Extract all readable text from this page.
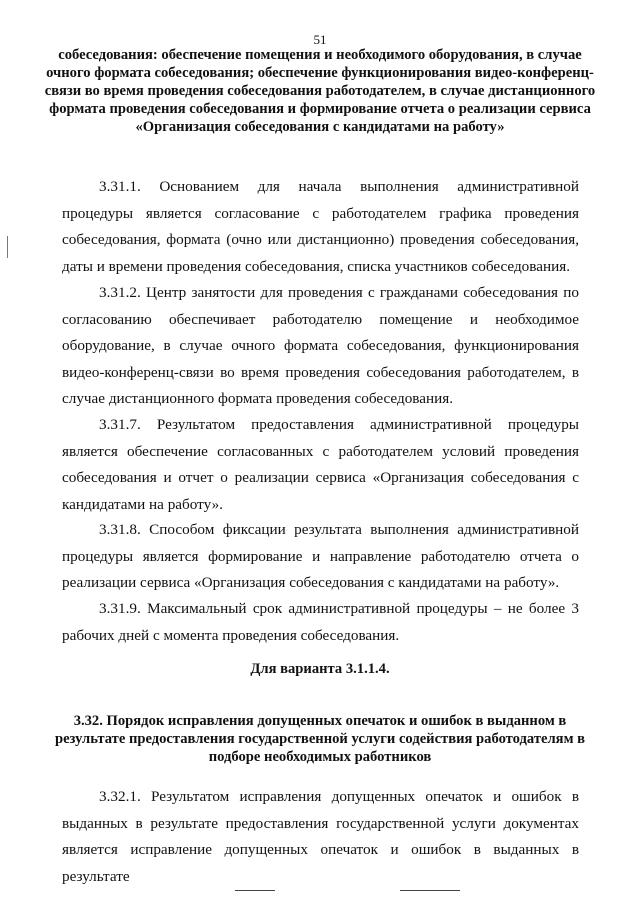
51
собеседования: обеспечение помещения и необходимого оборудования, в случае очного формата собеседования; обеспечение функционирования видео-конференц-связи во время проведения собеседования работодателем, в случае дистанционного формата проведения собеседования и формирование отчета о реализации сервиса «Организация собеседования с кандидатами на работу»
3.31.1. Основанием для начала выполнения административной процедуры является согласование с работодателем графика проведения собеседования, формата (очно или дистанционно) проведения собеседования, даты и времени проведения собеседования, списка участников собеседования.
3.31.2. Центр занятости для проведения с гражданами собеседования по согласованию обеспечивает работодателю помещение и необходимое оборудование, в случае очного формата собеседования, функционирования видео-конференц-связи во время проведения собеседования работодателем, в случае дистанционного формата проведения собеседования.
3.31.7. Результатом предоставления административной процедуры является обеспечение согласованных с работодателем условий проведения собеседования и отчет о реализации сервиса «Организация собеседования с кандидатами на работу».
3.31.8. Способом фиксации результата выполнения административной процедуры является формирование и направление работодателю отчета о реализации сервиса «Организация собеседования с кандидатами на работу».
3.31.9. Максимальный срок административной процедуры – не более 3 рабочих дней с момента проведения собеседования.
Для варианта 3.1.1.4.
3.32. Порядок исправления допущенных опечаток и ошибок в выданном в результате предоставления государственной услуги содействия работодателям в подборе необходимых работников
3.32.1. Результатом исправления допущенных опечаток и ошибок в выданных в результате предоставления государственной услуги документах является исправление допущенных опечаток и ошибок в выданных в результате
